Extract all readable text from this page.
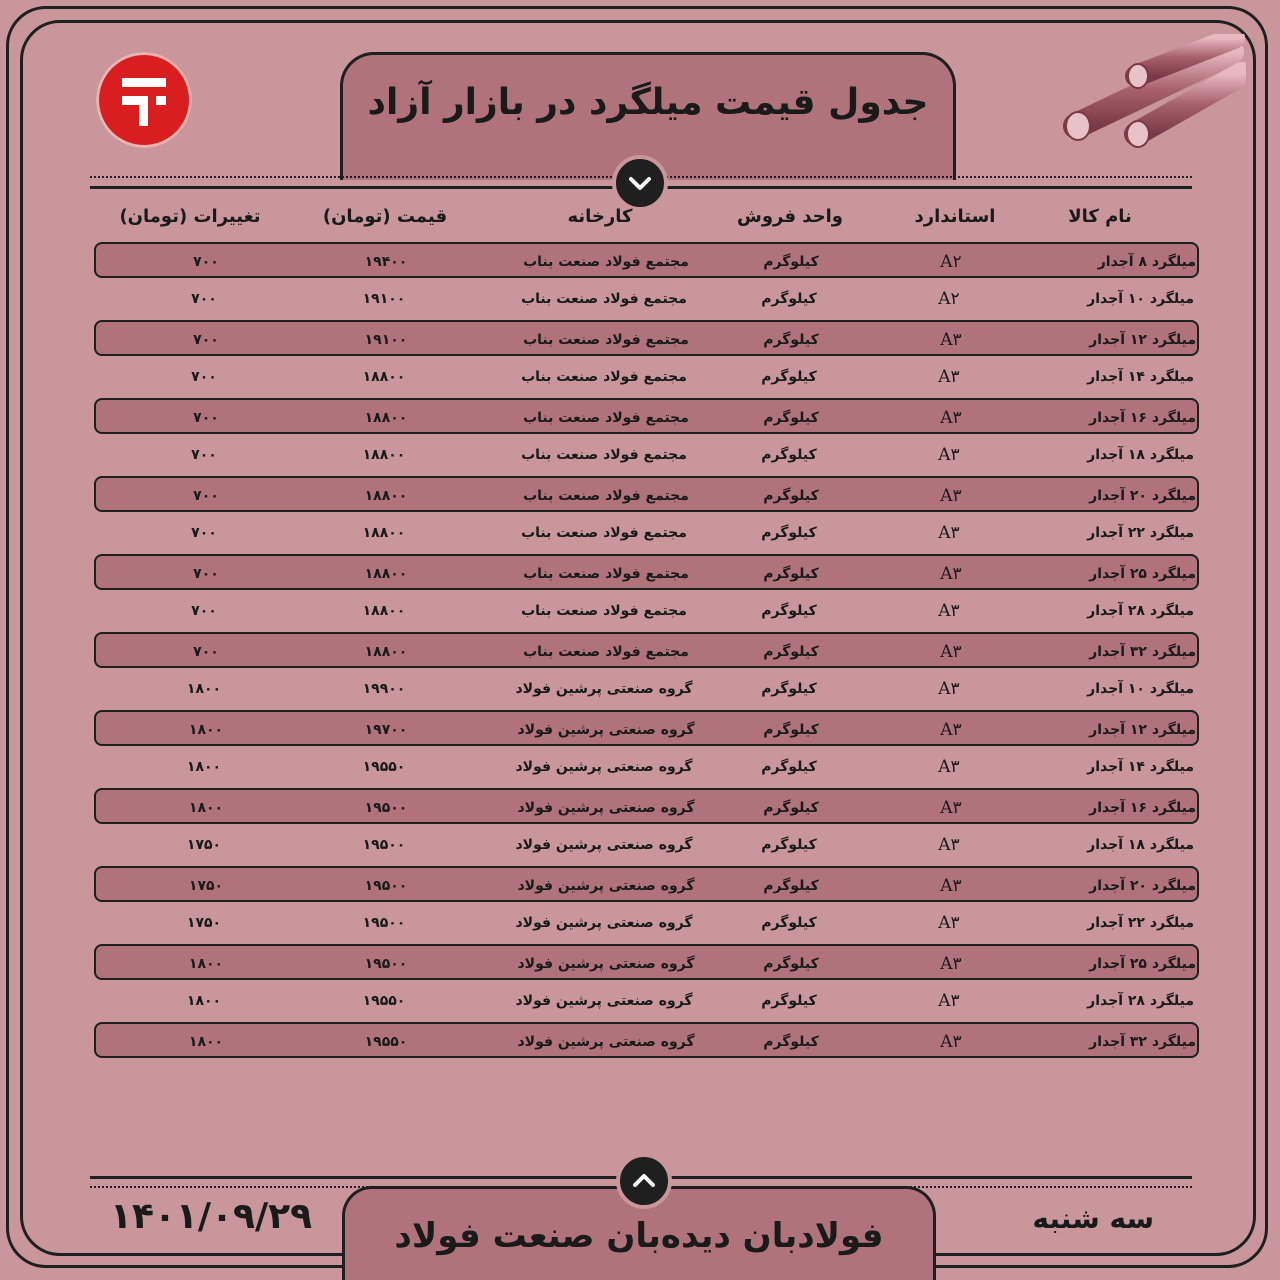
جدول قیمت میلگرد در بازار آزاد
نام کالا
استاندارد
واحد فروش
کارخانه
قیمت (تومان)
تغییرات (تومان)
میلگرد ۸ آجدار
A۲
کیلوگرم
مجتمع فولاد صنعت بناب
۱۹۴۰۰
۷۰۰
میلگرد ۱۰ آجدار
A۲
کیلوگرم
مجتمع فولاد صنعت بناب
۱۹۱۰۰
۷۰۰
میلگرد ۱۲ آجدار
A۳
کیلوگرم
مجتمع فولاد صنعت بناب
۱۹۱۰۰
۷۰۰
میلگرد ۱۴ آجدار
A۳
کیلوگرم
مجتمع فولاد صنعت بناب
۱۸۸۰۰
۷۰۰
میلگرد ۱۶ آجدار
A۳
کیلوگرم
مجتمع فولاد صنعت بناب
۱۸۸۰۰
۷۰۰
میلگرد ۱۸ آجدار
A۳
کیلوگرم
مجتمع فولاد صنعت بناب
۱۸۸۰۰
۷۰۰
میلگرد ۲۰ آجدار
A۳
کیلوگرم
مجتمع فولاد صنعت بناب
۱۸۸۰۰
۷۰۰
میلگرد ۲۲ آجدار
A۳
کیلوگرم
مجتمع فولاد صنعت بناب
۱۸۸۰۰
۷۰۰
میلگرد ۲۵ آجدار
A۳
کیلوگرم
مجتمع فولاد صنعت بناب
۱۸۸۰۰
۷۰۰
میلگرد ۲۸ آجدار
A۳
کیلوگرم
مجتمع فولاد صنعت بناب
۱۸۸۰۰
۷۰۰
میلگرد ۳۲ آجدار
A۳
کیلوگرم
مجتمع فولاد صنعت بناب
۱۸۸۰۰
۷۰۰
میلگرد ۱۰ آجدار
A۳
کیلوگرم
گروه صنعتی پرشین فولاد
۱۹۹۰۰
۱۸۰۰
میلگرد ۱۲ آجدار
A۳
کیلوگرم
گروه صنعتی پرشین فولاد
۱۹۷۰۰
۱۸۰۰
میلگرد ۱۴ آجدار
A۳
کیلوگرم
گروه صنعتی پرشین فولاد
۱۹۵۵۰
۱۸۰۰
میلگرد ۱۶ آجدار
A۳
کیلوگرم
گروه صنعتی پرشین فولاد
۱۹۵۰۰
۱۸۰۰
میلگرد ۱۸ آجدار
A۳
کیلوگرم
گروه صنعتی پرشین فولاد
۱۹۵۰۰
۱۷۵۰
میلگرد ۲۰ آجدار
A۳
کیلوگرم
گروه صنعتی پرشین فولاد
۱۹۵۰۰
۱۷۵۰
میلگرد ۲۲ آجدار
A۳
کیلوگرم
گروه صنعتی پرشین فولاد
۱۹۵۰۰
۱۷۵۰
میلگرد ۲۵ آجدار
A۳
کیلوگرم
گروه صنعتی پرشین فولاد
۱۹۵۰۰
۱۸۰۰
میلگرد ۲۸ آجدار
A۳
کیلوگرم
گروه صنعتی پرشین فولاد
۱۹۵۵۰
۱۸۰۰
میلگرد ۳۲ آجدار
A۳
کیلوگرم
گروه صنعتی پرشین فولاد
۱۹۵۵۰
۱۸۰۰
فولادبان دیده‌بان صنعت فولاد
۱۴۰۱/۰۹/۲۹	سه شنبه
